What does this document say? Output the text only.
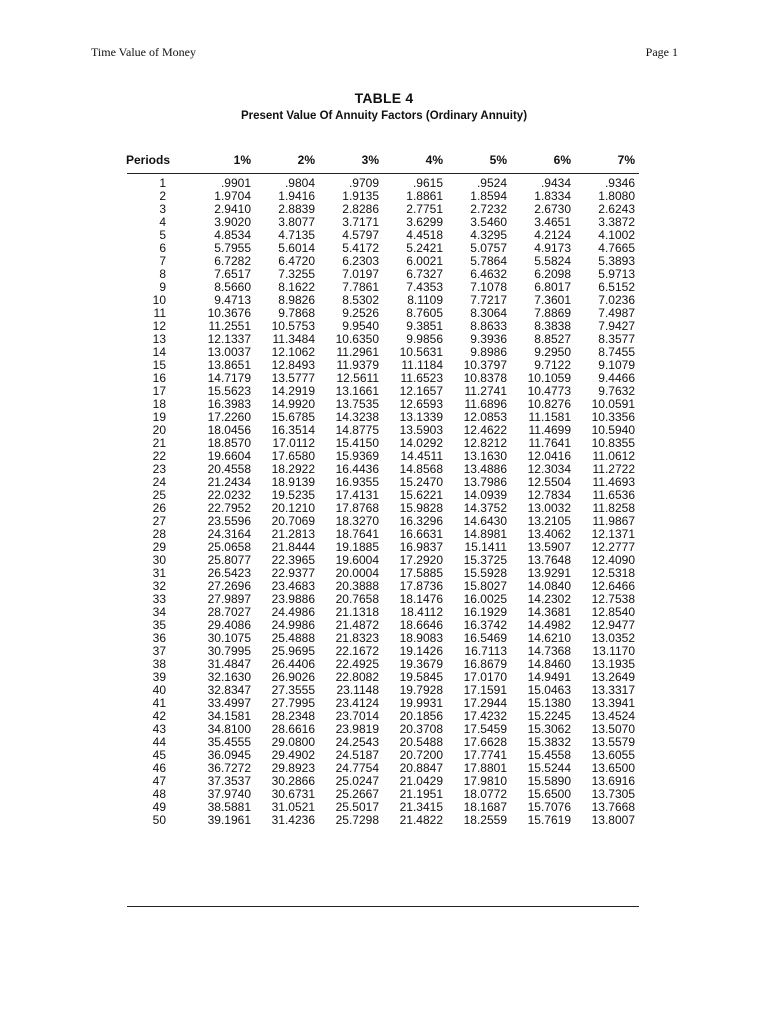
Time Value of Money	Page 1
TABLE 4
Present Value Of Annuity Factors (Ordinary Annuity)
Periods	1%	2%	3%	4%	5%	6%	7%
1	.9901	.9804	.9709	.9615	.9524	.9434	.9346
2	1.9704 1.9416 1.9135 1.8861 1.8594 1.8334 1.8080
3	2.9410 2.8839 2.8286 2.7751 2.7232 2.6730 2.6243
4	3.9020 3.8077 3.7171 3.6299 3.5460 3.4651 3.3872
5	4.8534 4.7135 4.5797 4.4518 4.3295 4.2124 4.1002
6	5.7955 5.6014 5.4172 5.2421 5.0757 4.9173 4.7665
7	6.7282 6.4720 6.2303 6.0021 5.7864 5.5824 5.3893
8	7.6517 7.3255 7.0197 6.7327 6.4632 6.2098 5.9713
9	8.5660 8.1622 7.7861 7.4353 7.1078 6.8017 6.5152
10	9.4713 8.9826 8.5302 8.1109 7.7217 7.3601 7.0236
11	10.3676 9.7868 9.2526 8.7605 8.3064 7.8869 7.4987
12	11.2551 10.5753 9.9540 9.3851 8.8633 8.3838 7.9427
13	12.1337 11.3484 10.6350 9.9856 9.3936 8.8527 8.3577
14	13.0037 12.1062 11.2961 10.5631 9.8986 9.2950 8.7455
15	13.8651 12.8493 11.9379 11.1184 10.3797 9.7122 9.1079
16	14.7179 13.5777 12.5611 11.6523 10.8378 10.1059 9.4466
17	15.5623 14.2919 13.1661 12.1657 11.2741 10.4773 9.7632
18	16.3983 14.9920 13.7535 12.6593 11.6896 10.8276 10.0591
19	17.2260 15.6785 14.3238 13.1339 12.0853 11.1581 10.3356
20	18.0456 16.3514 14.8775 13.5903 12.4622 11.4699 10.5940
21	18.8570 17.0112 15.4150 14.0292 12.8212 11.7641 10.8355
22	19.6604 17.6580 15.9369 14.4511 13.1630 12.0416 11.0612
23	20.4558 18.2922 16.4436 14.8568 13.4886 12.3034 11.2722
24	21.2434 18.9139 16.9355 15.2470 13.7986 12.5504 11.4693
25	22.0232 19.5235 17.4131 15.6221 14.0939 12.7834 11.6536
26	22.7952 20.1210 17.8768 15.9828 14.3752 13.0032 11.8258
27	23.5596 20.7069 18.3270 16.3296 14.6430 13.2105 11.9867
28	24.3164 21.2813 18.7641 16.6631 14.8981 13.4062 12.1371
29	25.0658 21.8444 19.1885 16.9837 15.1411 13.5907 12.2777
30	25.8077 22.3965 19.6004 17.2920 15.3725 13.7648 12.4090
31	26.5423 22.9377 20.0004 17.5885 15.5928 13.9291 12.5318
32	27.2696 23.4683 20.3888 17.8736 15.8027 14.0840 12.6466
33	27.9897 23.9886 20.7658 18.1476 16.0025 14.2302 12.7538
34	28.7027 24.4986 21.1318 18.4112 16.1929 14.3681 12.8540
35	29.4086 24.9986 21.4872 18.6646 16.3742 14.4982 12.9477
36	30.1075 25.4888 21.8323 18.9083 16.5469 14.6210 13.0352
37	30.7995 25.9695 22.1672 19.1426 16.7113 14.7368 13.1170
38	31.4847 26.4406 22.4925 19.3679 16.8679 14.8460 13.1935
39	32.1630 26.9026 22.8082 19.5845 17.0170 14.9491 13.2649
40	32.8347 27.3555 23.1148 19.7928 17.1591 15.0463 13.3317
41	33.4997 27.7995 23.4124 19.9931 17.2944 15.1380 13.3941
42	34.1581 28.2348 23.7014 20.1856 17.4232 15.2245 13.4524
43	34.8100 28.6616 23.9819 20.3708 17.5459 15.3062 13.5070
44	35.4555 29.0800 24.2543 20.5488 17.6628 15.3832 13.5579
45	36.0945 29.4902 24.5187 20.7200 17.7741 15.4558 13.6055
46	36.7272 29.8923 24.7754 20.8847 17.8801 15.5244 13.6500
47	37.3537 30.2866 25.0247 21.0429 17.9810 15.5890 13.6916
48	37.9740 30.6731 25.2667 21.1951 18.0772 15.6500 13.7305
49	38.5881 31.0521 25.5017 21.3415 18.1687 15.7076 13.7668
50	39.1961 31.4236 25.7298 21.4822 18.2559 15.7619 13.8007
